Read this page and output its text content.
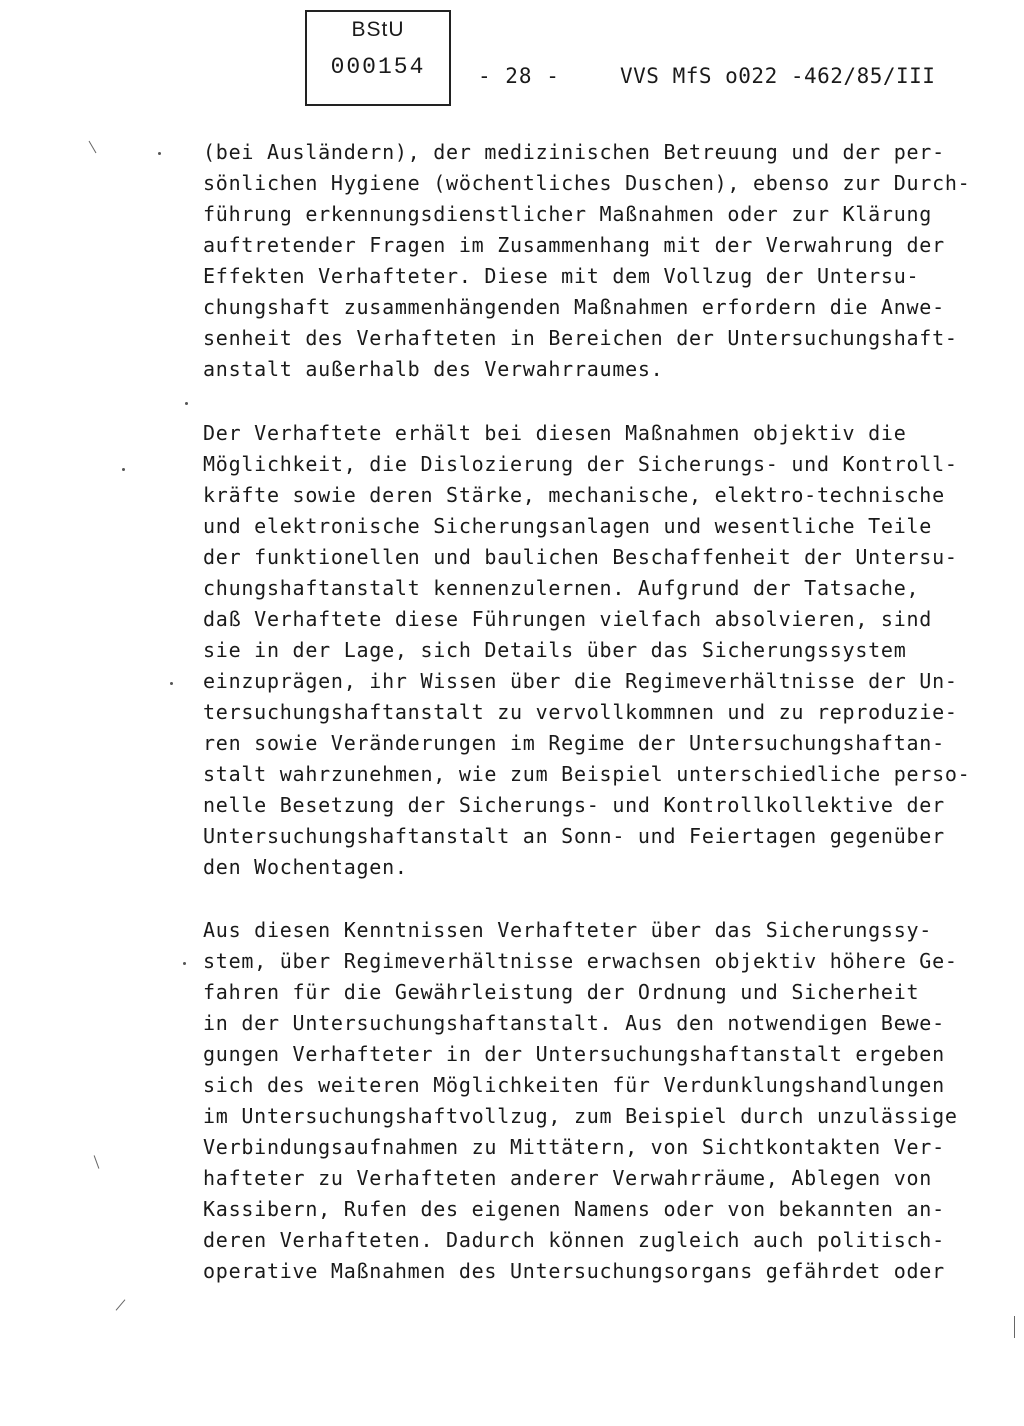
BStU
000154	- 28 -	VVS MfS o022 -462/85/III
(bei Ausländern), der medizinischen Betreuung und der per-
sönlichen Hygiene (wöchentliches Duschen), ebenso zur Durch-
führung erkennungsdienstlicher Maßnahmen oder zur Klärung
auftretender Fragen im Zusammenhang mit der Verwahrung der
Effekten Verhafteter. Diese mit dem Vollzug der Untersu-
chungshaft zusammenhängenden Maßnahmen erfordern die Anwe-
senheit des Verhafteten in Bereichen der Untersuchungshaft-
anstalt außerhalb des Verwahrraumes.
Der Verhaftete erhält bei diesen Maßnahmen objektiv die
Möglichkeit, die Dislozierung der Sicherungs- und Kontroll-
kräfte sowie deren Stärke, mechanische, elektro-technische
und elektronische Sicherungsanlagen und wesentliche Teile
der funktionellen und baulichen Beschaffenheit der Untersu-
chungshaftanstalt kennenzulernen. Aufgrund der Tatsache,
daß Verhaftete diese Führungen vielfach absolvieren, sind
sie in der Lage, sich Details über das Sicherungssystem
einzuprägen, ihr Wissen über die Regimeverhältnisse der Un-
tersuchungshaftanstalt zu vervollkommnen und zu reproduzie-
ren sowie Veränderungen im Regime der Untersuchungshaftan-
stalt wahrzunehmen, wie zum Beispiel unterschiedliche perso-
nelle Besetzung der Sicherungs- und Kontrollkollektive der
Untersuchungshaftanstalt an Sonn- und Feiertagen gegenüber
den Wochentagen.
Aus diesen Kenntnissen Verhafteter über das Sicherungssy-
stem, über Regimeverhältnisse erwachsen objektiv höhere Ge-
fahren für die Gewährleistung der Ordnung und Sicherheit
in der Untersuchungshaftanstalt. Aus den notwendigen Bewe-
gungen Verhafteter in der Untersuchungshaftanstalt ergeben
sich des weiteren Möglichkeiten für Verdunklungshandlungen
im Untersuchungshaftvollzug, zum Beispiel durch unzulässige
Verbindungsaufnahmen zu Mittätern, von Sichtkontakten Ver-
hafteter zu Verhafteten anderer Verwahrräume, Ablegen von
Kassibern, Rufen des eigenen Namens oder von bekannten an-
deren Verhafteten. Dadurch können zugleich auch politisch-
operative Maßnahmen des Untersuchungsorgans gefährdet oder
